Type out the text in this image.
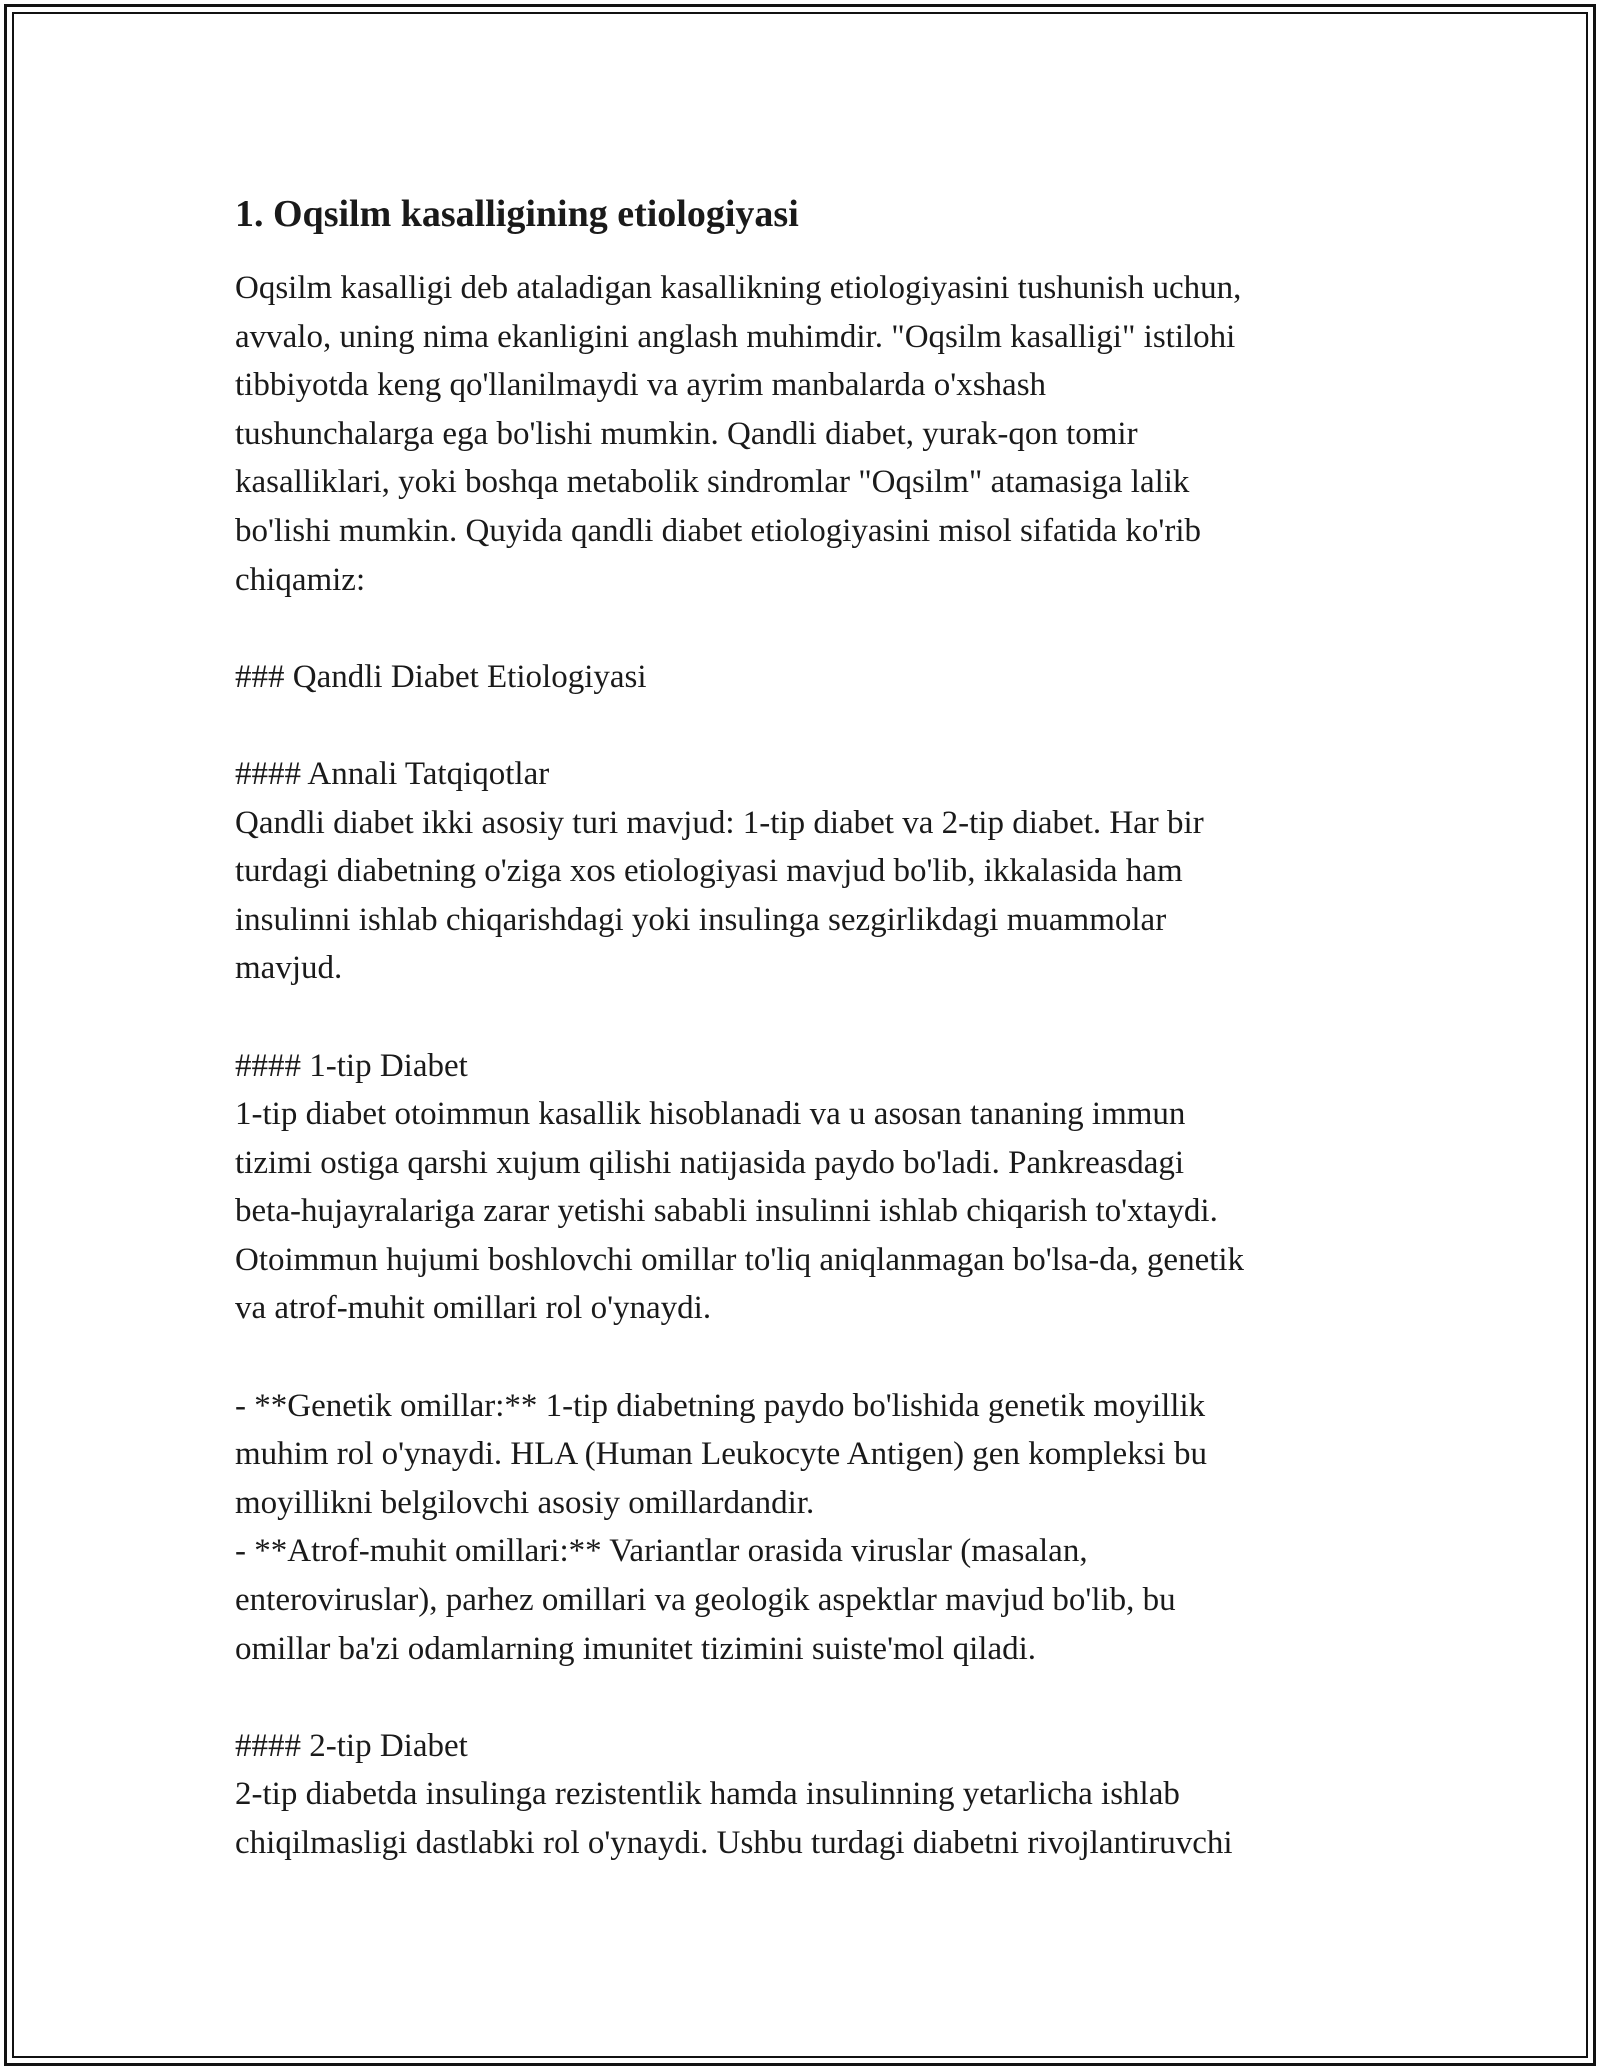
1. Oqsilm kasalligining etiologiyasi
Oqsilm kasalligi deb ataladigan kasallikning etiologiyasini tushunish uchun,
avvalo, uning nima ekanligini anglash muhimdir. "Oqsilm kasalligi" istilohi
tibbiyotda keng qo'llanilmaydi va ayrim manbalarda o'xshash
tushunchalarga ega bo'lishi mumkin. Qandli diabet, yurak-qon tomir
kasalliklari, yoki boshqa metabolik sindromlar "Oqsilm" atamasiga lalik
bo'lishi mumkin. Quyida qandli diabet etiologiyasini misol sifatida ko'rib
chiqamiz:
### Qandli Diabet Etiologiyasi
#### Annali Tatqiqotlar
Qandli diabet ikki asosiy turi mavjud: 1-tip diabet va 2-tip diabet. Har bir
turdagi diabetning o'ziga xos etiologiyasi mavjud bo'lib, ikkalasida ham
insulinni ishlab chiqarishdagi yoki insulinga sezgirlikdagi muammolar
mavjud.
#### 1-tip Diabet
1-tip diabet otoimmun kasallik hisoblanadi va u asosan tananing immun
tizimi ostiga qarshi xujum qilishi natijasida paydo bo'ladi. Pankreasdagi
beta-hujayralariga zarar yetishi sababli insulinni ishlab chiqarish to'xtaydi.
Otoimmun hujumi boshlovchi omillar to'liq aniqlanmagan bo'lsa-da, genetik
va atrof-muhit omillari rol o'ynaydi.
- **Genetik omillar:** 1-tip diabetning paydo bo'lishida genetik moyillik
muhim rol o'ynaydi. HLA (Human Leukocyte Antigen) gen kompleksi bu
moyillikni belgilovchi asosiy omillardandir.
- **Atrof-muhit omillari:** Variantlar orasida viruslar (masalan,
enteroviruslar), parhez omillari va geologik aspektlar mavjud bo'lib, bu
omillar ba'zi odamlarning imunitet tizimini suiste'mol qiladi.
#### 2-tip Diabet
2-tip diabetda insulinga rezistentlik hamda insulinning yetarlicha ishlab
chiqilmasligi dastlabki rol o'ynaydi. Ushbu turdagi diabetni rivojlantiruvchi
